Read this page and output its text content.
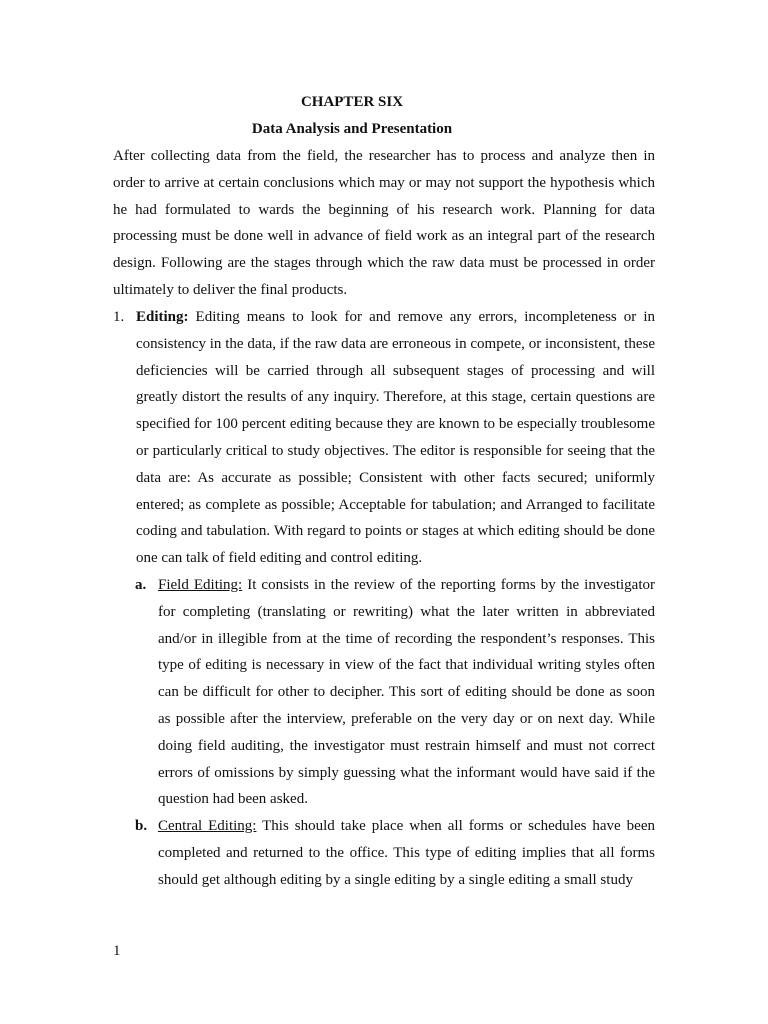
CHAPTER SIX
Data Analysis and Presentation

After collecting data from the field, the researcher has to process and analyze then in order to arrive at certain conclusions which may or may not support the hypothesis which he had formulated to wards the beginning of his research work. Planning for data processing must be done well in advance of field work as an integral part of the research design. Following are the stages through which the raw data must be processed in order ultimately to deliver the final products.

1. Editing: Editing means to look for and remove any errors, incompleteness or in consistency in the data, if the raw data are erroneous in compete, or inconsistent, these deficiencies will be carried through all subsequent stages of processing and will greatly distort the results of any inquiry. Therefore, at this stage, certain questions are specified for 100 percent editing because they are known to be especially troublesome or particularly critical to study objectives. The editor is responsible for seeing that the data are: As accurate as possible; Consistent with other facts secured; uniformly entered; as complete as possible; Acceptable for tabulation; and Arranged to facilitate coding and tabulation. With regard to points or stages at which editing should be done one can talk of field editing and control editing.

a. Field Editing: It consists in the review of the reporting forms by the investigator for completing (translating or rewriting) what the later written in abbreviated and/or in illegible from at the time of recording the respondent’s responses. This type of editing is necessary in view of the fact that individual writing styles often can be difficult for other to decipher. This sort of editing should be done as soon as possible after the interview, preferable on the very day or on next day. While doing field auditing, the investigator must restrain himself and must not correct errors of omissions by simply guessing what the informant would have said if the question had been asked.

b. Central Editing: This should take place when all forms or schedules have been completed and returned to the office. This type of editing implies that all forms should get although editing by a single editing by a single editing a small study

1
